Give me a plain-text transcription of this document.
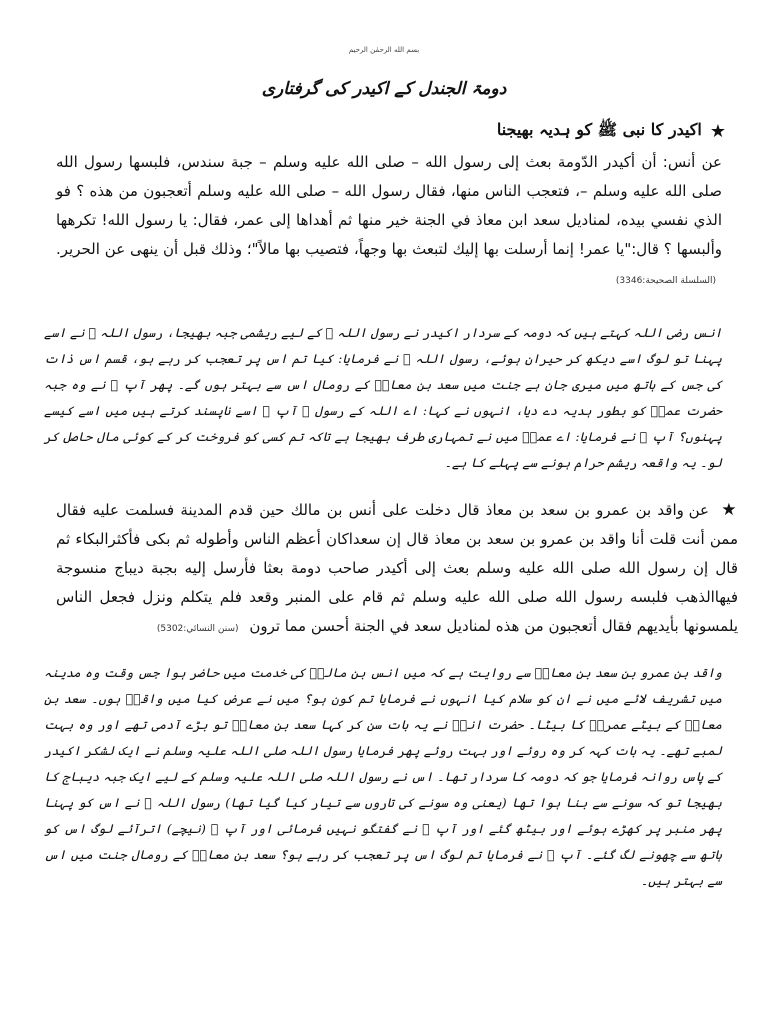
بسم الله الرحمٰن الرحيم
دومۃ الجندل کے اکیدر کی گرفتاری
★
اکیدر کا نبی ﷺ کو ہدیہ بھیجنا
عن أنس: أن أكيدر الدّومة بعث إلى رسول الله – صلى الله عليه وسلم – جبة سندس، فلبسها رسول الله صلى الله عليه وسلم –، فتعجب الناس منها، فقال رسول الله – صلى الله عليه وسلم أتعجبون من هذه ؟ فو الذي نفسي بيده، لمناديل سعد ابن معاذ في الجنة خير منها ثم أهداها إلى عمر، فقال: يا رسول الله! تكرهها وألبسها ؟ قال:"يا عمر! إنما أرسلت بها إليك لتبعث بها وجهاً، فتصيب بها مالاً"؛ وذلك قبل أن ينهى عن الحرير. (السلسلة الصحيحة:3346)
انس رضی اللہ کہتے ہیں کہ دومہ کے سردار اکیدر نے رسول اللہ ﷺ کے لیے ریشمی جبہ بھیجا، رسول اللہ ﷺ نے اسے پہنا تو لوگ اسے دیکھ کر حیران ہوئے، رسول اللہ ﷺ نے فرمایا: کیا تم اس پر تعجب کر رہے ہو، قسم اس ذات کی جس کے ہاتھ میں میری جان ہے جنت میں سعد بن معاذؓ کے رومال اس سے بہتر ہوں گے۔ پھر آپ ﷺ نے وہ جبہ حضرت عمرؓ کو بطور ہدیہ دے دیا، انہوں نے کہا: اے اللہ کے رسول ﷺ آپ ﷺ اسے ناپسند کرتے ہیں میں اسے کیسے پہنوں؟ آپ ﷺ نے فرمایا: اے عمرؓ میں نے تمہاری طرف بھیجا ہے تاکہ تم کسی کو فروخت کر کے کوئی مال حاصل کر لو۔ یہ واقعہ ریشم حرام ہونے سے پہلے کا ہے۔
★ عن واقد بن عمرو بن سعد بن معاذ قال دخلت على أنس بن مالك حين قدم المدينة فسلمت عليه فقال ممن أنت قلت أنا واقد بن عمرو بن سعد بن معاذ قال إن سعداكان أعظم الناس وأطوله ثم بكى فأكثرالبكاء ثم قال إن رسول الله صلى الله عليه وسلم بعث إلى أكيدر صاحب دومة بعثا فأرسل إليه بجبة ديباج منسوجة فيهاالذهب فلبسه رسول الله صلى الله عليه وسلم ثم قام على المنبر وقعد فلم يتكلم ونزل فجعل الناس يلمسونها بأيديهم فقال أتعجبون من هذه لمناديل سعد في الجنة أحسن مما ترون (سنن النسائي:5302)
واقد بن عمرو بن سعد بن معاذؓ سے روایت ہے کہ میں انس بن مالکؓ کی خدمت میں حاضر ہوا جس وقت وہ مدینہ میں تشریف لائے میں نے ان کو سلام کیا انہوں نے فرمایا تم کون ہو؟ میں نے عرض کیا میں واقدؓ ہوں۔ سعد بن معاذؓ کے بیٹے عمروؓ کا بیٹا۔ حضرت انسؓ نے یہ بات سن کر کہا سعد بن معاذؓ تو بڑے آدمی تھے اور وہ بہت لمبے تھے۔ یہ بات کہہ کر وہ روئے اور بہت روئے پھر فرمایا رسول اللہ صلی اللہ علیہ وسلم نے ایک لشکر اکیدر کے پاس روانہ فرمایا جو کہ دومہ کا سردار تھا۔ اس نے رسول اللہ صلی اللہ علیہ وسلم کے لیے ایک جبہ دیباج کا بھیجا تو کہ سونے سے بنا ہوا تھا (یعنی وہ سونے کی تاروں سے تیار کیا گیا تھا) رسول اللہ ﷺ نے اس کو پہنا پھر منبر پر کھڑے ہوئے اور بیٹھ گئے اور آپ ﷺ نے گفتگو نہیں فرمائی اور آپ ﷺ (نیچے) اترآئے لوگ اس کو ہاتھ سے چھونے لگ گئے۔ آپ ﷺ نے فرمایا تم لوگ اس پر تعجب کر رہے ہو؟ سعد بن معاذؓ کے رومال جنت میں اس سے بہتر ہیں۔
